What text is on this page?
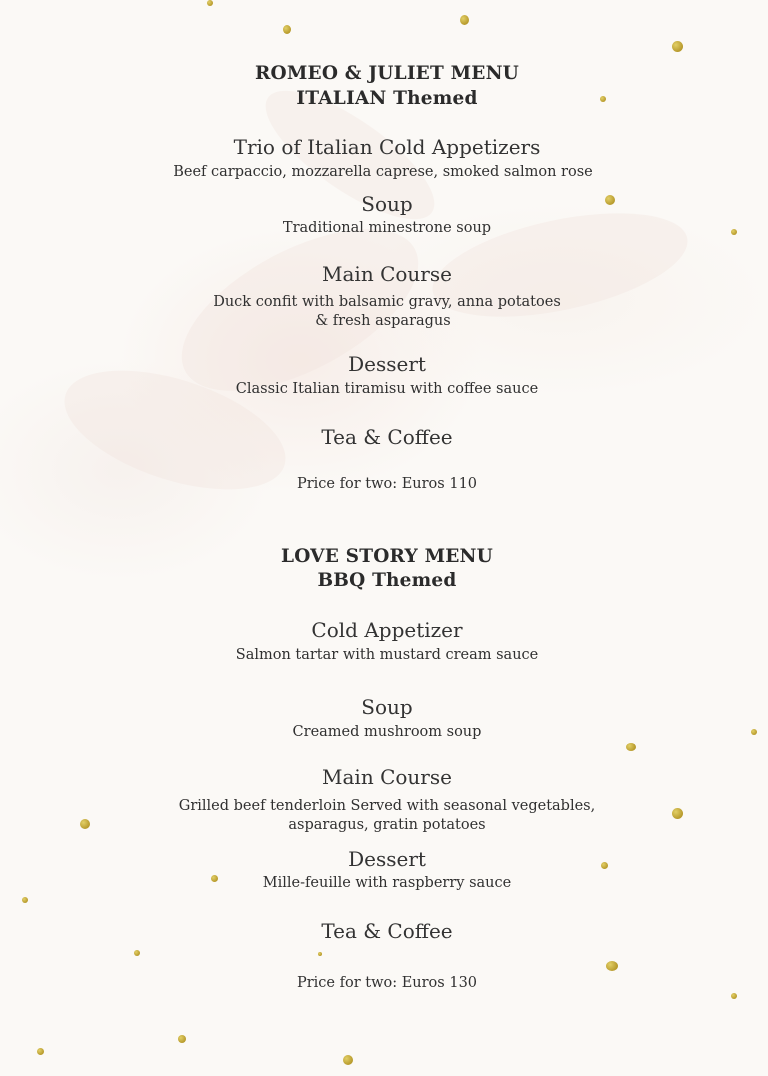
ROMEO & JULIET MENU
ITALIAN Themed
Trio of Italian Cold Appetizers
Beef carpaccio, mozzarella caprese, smoked salmon rose
Soup
Traditional minestrone soup
Main Course
Duck confit with balsamic gravy, anna potatoes
& fresh asparagus
Dessert
Classic Italian tiramisu with coffee sauce
Tea & Coffee
Price for two: Euros 110
LOVE STORY MENU
BBQ Themed
Cold Appetizer
Salmon tartar with mustard cream sauce
Soup
Creamed mushroom soup
Main Course
Grilled beef tenderloin Served with seasonal vegetables,
asparagus, gratin potatoes
Dessert
Mille-feuille with raspberry sauce
Tea & Coffee
Price for two: Euros 130
